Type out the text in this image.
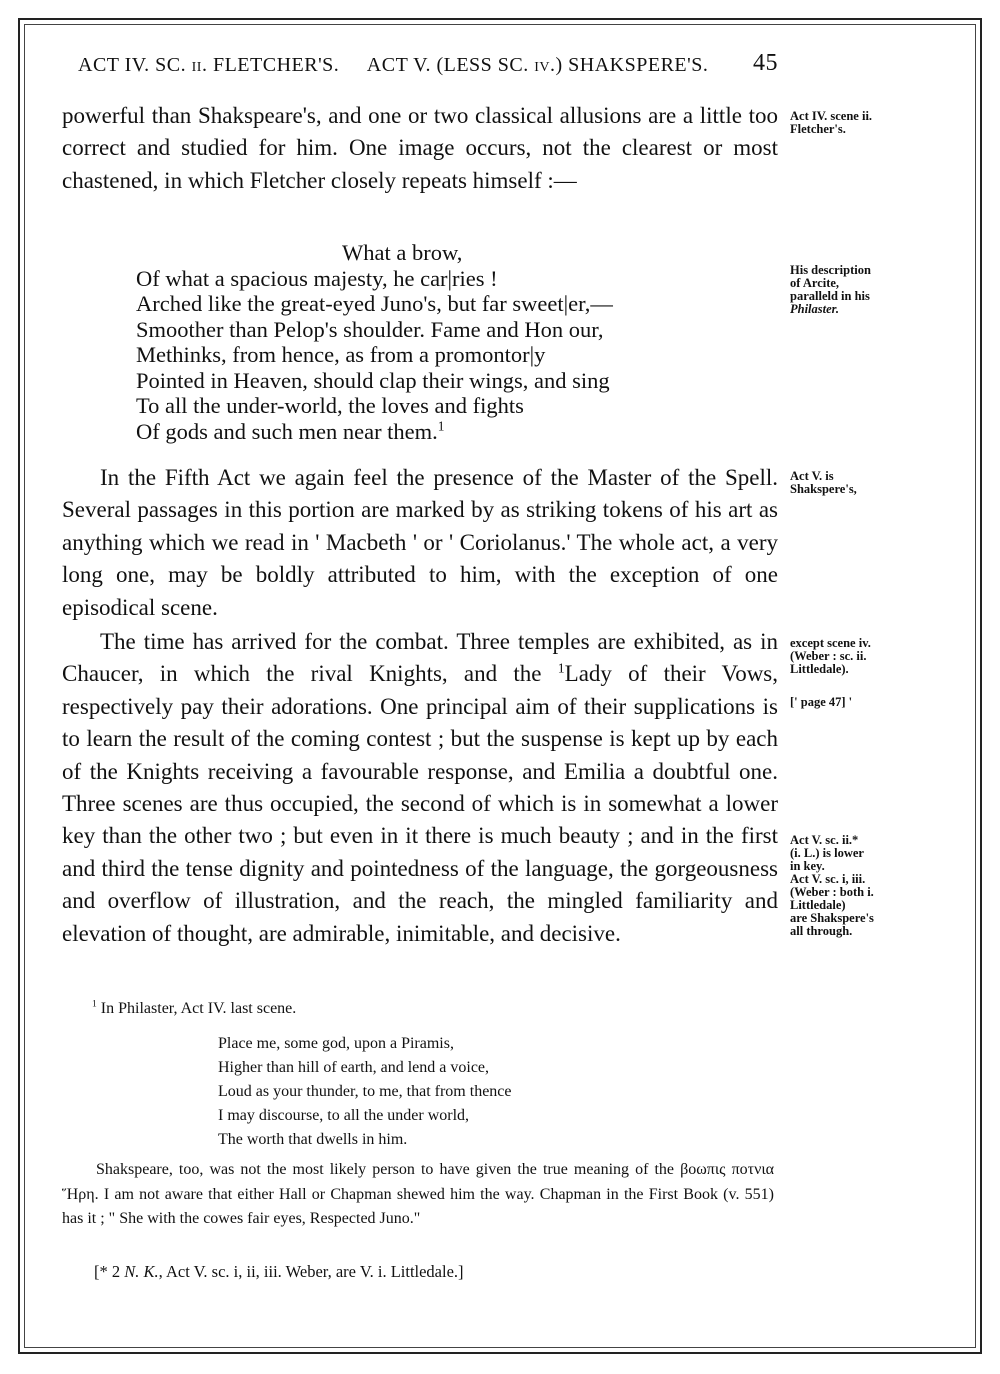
ACT IV. SC. ii. FLETCHER'S. ACT V. (LESS SC. iv.) SHAKSPERE'S. 45

powerful than Shakspeare's, and one or two classical allusions are a little too correct and studied for him. One image occurs, not the clearest or most chastened, in which Fletcher closely repeats himself :—

What a brow,
Of what a spacious majesty, he car|ries !
Arched like the great-eyed Juno's, but far sweet|er,—
Smoother than Pelop's shoulder. Fame and Hon our,
Methinks, from hence, as from a promontor|y
Pointed in Heaven, should clap their wings, and sing
To all the under-world, the loves and fights
Of gods and such men near them.$^1$

In the Fifth Act we again feel the presence of the Master of the Spell. Several passages in this portion are marked by as striking tokens of his art as anything which we read in ' Macbeth ' or ' Coriolanus.' The whole act, a very long one, may be boldly attributed to him, with the exception of one episodical scene.

The time has arrived for the combat. Three temples are exhibited, as in Chaucer, in which the rival Knights, and the $^1$Lady of their Vows, respectively pay their adorations. One principal aim of their supplications is to learn the result of the coming contest ; but the suspense is kept up by each of the Knights receiving a favourable response, and Emilia a doubtful one. Three scenes are thus occupied, the second of which is in somewhat a lower key than the other two ; but even in it there is much beauty ; and in the first and third the tense dignity and pointedness of the language, the gorgeousness and overflow of illustration, and the reach, the mingled familiarity and elevation of thought, are admirable, inimitable, and decisive.

Act IV. scene ii.
Fletcher's.
His description
of Arcite,
paralleld in his
Philaster.
Act V. is
Shakspere's,
except scene iv.
(Weber : sc. ii.
Littledale).
[' page 47] '
Act V. sc. ii.*
(i. L.) is lower
in key.
Act V. sc. i, iii.
(Weber : both i.
Littledale)
are Shakspere's
all through.
$^1$ In Philaster, Act IV. last scene.
Place me, some god, upon a Piramis,
Higher than hill of earth, and lend a voice,
Loud as your thunder, to me, that from thence
I may discourse, to all the under world,
The worth that dwells in him.

Shakspeare, too, was not the most likely person to have given the true meaning of the βοωπις ποτνια Ἥρη. I am not aware that either Hall or Chapman shewed him the way. Chapman in the First Book (v. 551) has it ; " She with the cowes fair eyes, Respected Juno."

[* 2 N. K., Act V. sc. i, ii, iii. Weber, are V. i. Littledale.]
